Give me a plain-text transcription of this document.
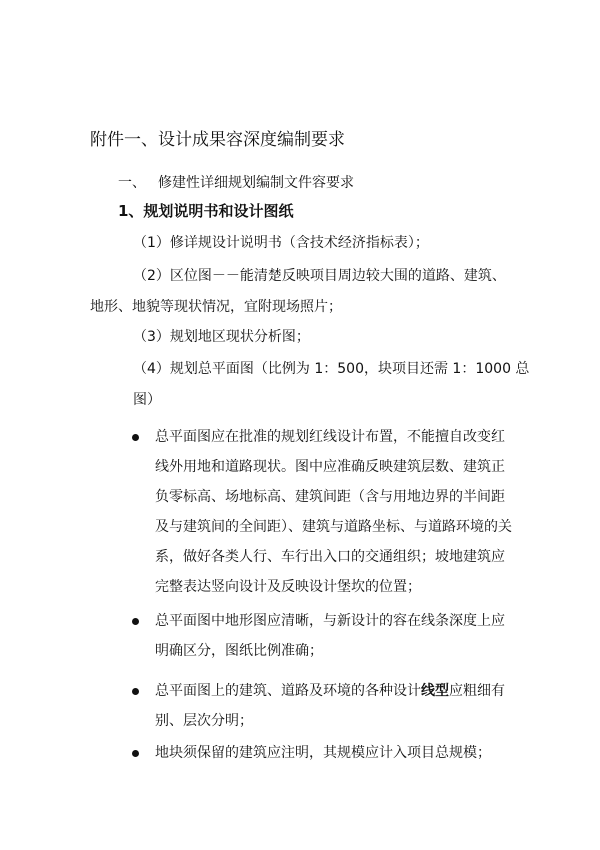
附件一、设计成果容深度编制要求
一、 修建性详细规划编制文件容要求
1、规划说明书和设计图纸
（1）修详规设计说明书（含技术经济指标表）；
（2）区位图－－能清楚反映项目周边较大围的道路、建筑、
地形、地貌等现状情况，宜附现场照片；
（3）规划地区现状分析图；
（4）规划总平面图（比例为 1：500，块项目还需 1：1000 总
图）
总平面图应在批准的规划红线设计布置，不能擅自改变红
线外用地和道路现状。图中应准确反映建筑层数、建筑正
负零标高、场地标高、建筑间距（含与用地边界的半间距
及与建筑间的全间距）、建筑与道路坐标、与道路环境的关
系，做好各类人行、车行出入口的交通组织；坡地建筑应
完整表达竖向设计及反映设计堡坎的位置；
总平面图中地形图应清晰，与新设计的容在线条深度上应
明确区分，图纸比例准确；
总平面图上的建筑、道路及环境的各种设计线型应粗细有
别、层次分明；
地块须保留的建筑应注明，其规模应计入项目总规模；
